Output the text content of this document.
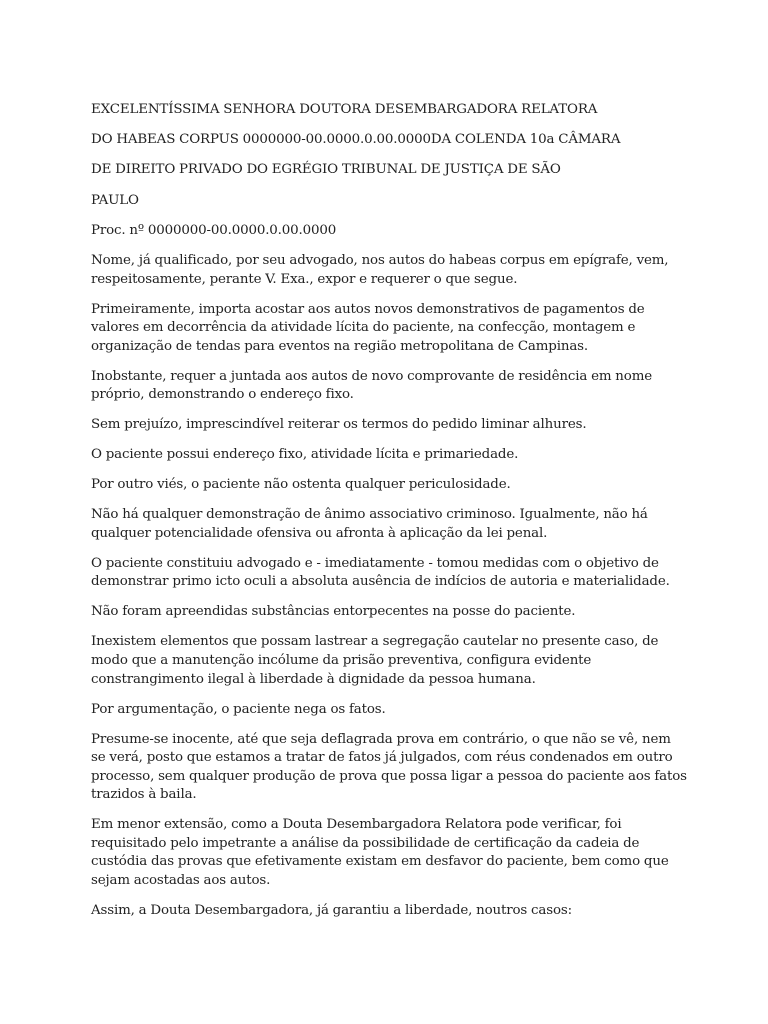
EXCELENTÍSSIMA SENHORA DOUTORA DESEMBARGADORA RELATORA
DO HABEAS CORPUS 0000000-00.0000.0.00.0000DA COLENDA 10a CÂMARA
DE DIREITO PRIVADO DO EGRÉGIO TRIBUNAL DE JUSTIÇA DE SÃO
PAULO
Proc. nº 0000000-00.0000.0.00.0000

Nome, já qualificado, por seu advogado, nos autos do habeas corpus em epígrafe, vem, respeitosamente, perante V. Exa., expor e requerer o que segue.

Primeiramente, importa acostar aos autos novos demonstrativos de pagamentos de valores em decorrência da atividade lícita do paciente, na confecção, montagem e organização de tendas para eventos na região metropolitana de Campinas.

Inobstante, requer a juntada aos autos de novo comprovante de residência em nome próprio, demonstrando o endereço fixo.

Sem prejuízo, imprescindível reiterar os termos do pedido liminar alhures.

O paciente possui endereço fixo, atividade lícita e primariedade.

Por outro viés, o paciente não ostenta qualquer periculosidade.

Não há qualquer demonstração de ânimo associativo criminoso. Igualmente, não há qualquer potencialidade ofensiva ou afronta à aplicação da lei penal.

O paciente constituiu advogado e - imediatamente - tomou medidas com o objetivo de demonstrar primo icto oculi a absoluta ausência de indícios de autoria e materialidade.

Não foram apreendidas substâncias entorpecentes na posse do paciente.

Inexistem elementos que possam lastrear a segregação cautelar no presente caso, de modo que a manutenção incólume da prisão preventiva, configura evidente constrangimento ilegal à liberdade à dignidade da pessoa humana.

Por argumentação, o paciente nega os fatos.

Presume-se inocente, até que seja deflagrada prova em contrário, o que não se vê, nem se verá, posto que estamos a tratar de fatos já julgados, com réus condenados em outro processo, sem qualquer produção de prova que possa ligar a pessoa do paciente aos fatos trazidos à baila.

Em menor extensão, como a Douta Desembargadora Relatora pode verificar, foi requisitado pelo impetrante a análise da possibilidade de certificação da cadeia de custódia das provas que efetivamente existam em desfavor do paciente, bem como que sejam acostadas aos autos.

Assim, a Douta Desembargadora, já garantiu a liberdade, noutros casos:
